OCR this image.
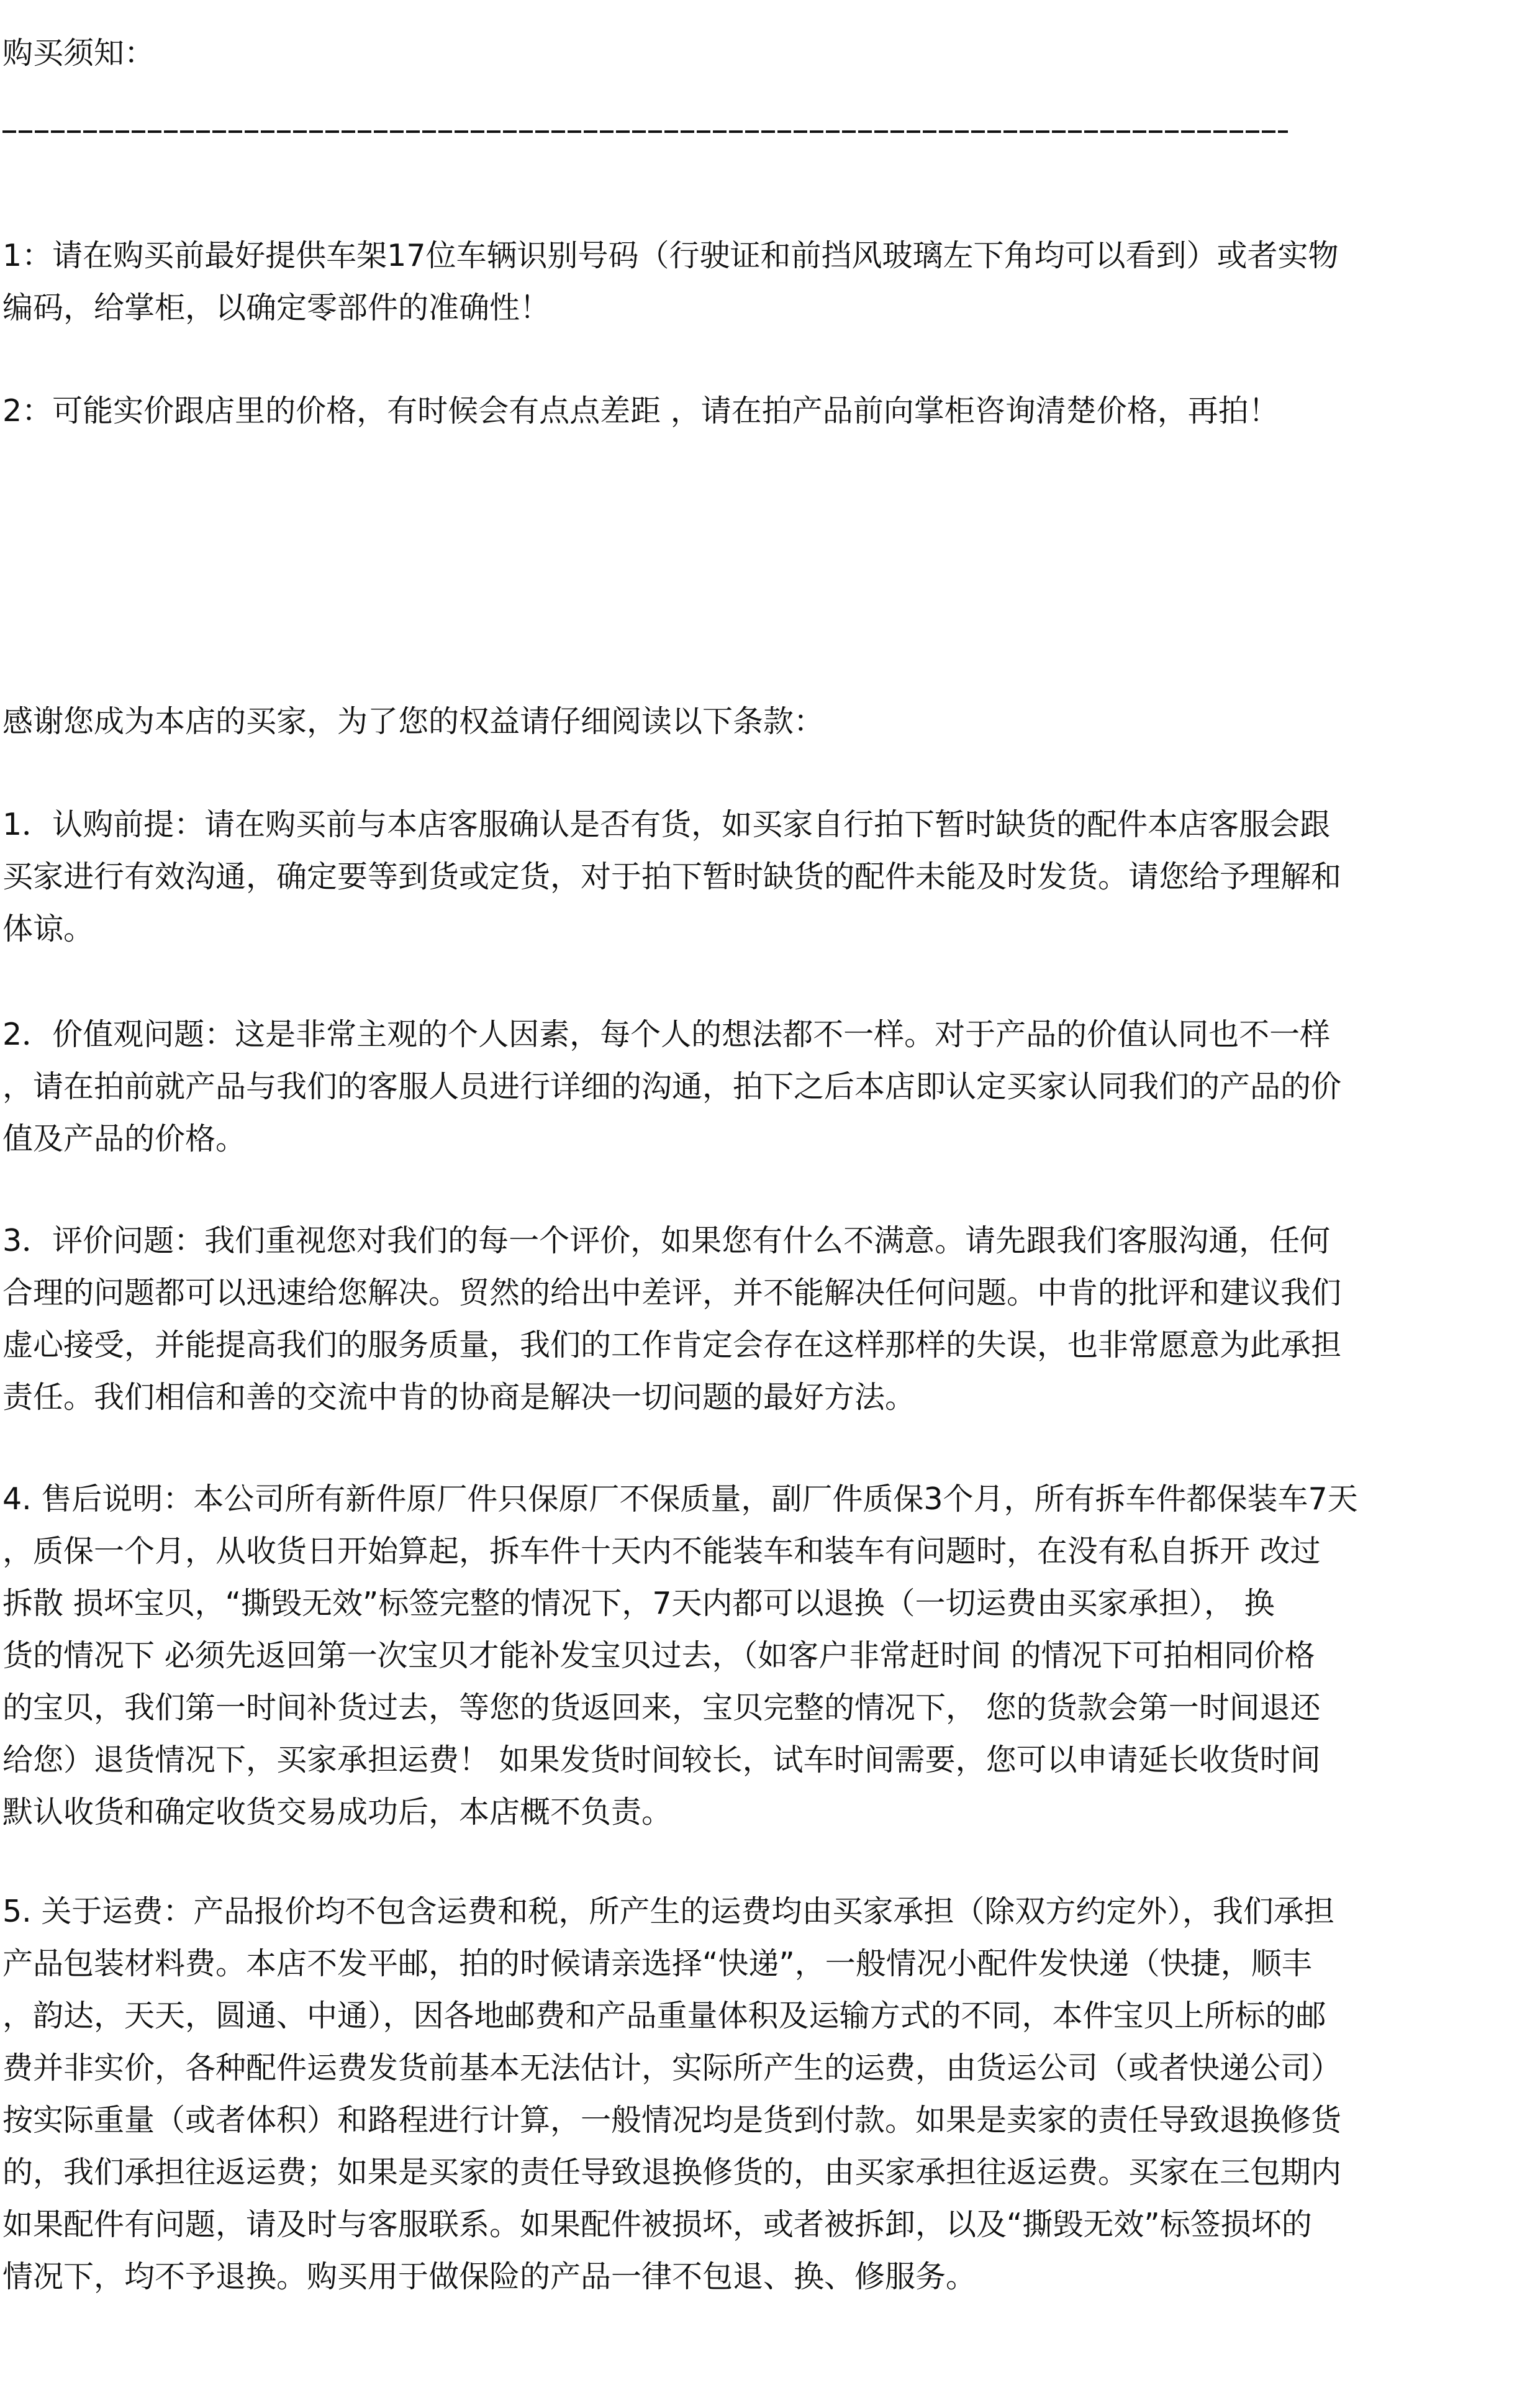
购买须知：
1：请在购买前最好提供车架17位车辆识别号码（行驶证和前挡风玻璃左下角均可以看到）或者实物
编码，给掌柜，以确定零部件的准确性！
2：可能实价跟店里的价格，有时候会有点点差距 ，请在拍产品前向掌柜咨询清楚价格，再拍！
感谢您成为本店的买家，为了您的权益请仔细阅读以下条款：
1．认购前提：请在购买前与本店客服确认是否有货，如买家自行拍下暂时缺货的配件本店客服会跟
买家进行有效沟通，确定要等到货或定货，对于拍下暂时缺货的配件未能及时发货。请您给予理解和
体谅。
2．价值观问题：这是非常主观的个人因素，每个人的想法都不一样。对于产品的价值认同也不一样
，请在拍前就产品与我们的客服人员进行详细的沟通，拍下之后本店即认定买家认同我们的产品的价
值及产品的价格。
3．评价问题：我们重视您对我们的每一个评价，如果您有什么不满意。请先跟我们客服沟通，任何
合理的问题都可以迅速给您解决。贸然的给出中差评，并不能解决任何问题。中肯的批评和建议我们
虚心接受，并能提高我们的服务质量，我们的工作肯定会存在这样那样的失误，也非常愿意为此承担
责任。我们相信和善的交流中肯的协商是解决一切问题的最好方法。
4. 售后说明：本公司所有新件原厂件只保原厂不保质量，副厂件质保3个月，所有拆车件都保装车7天
，质保一个月，从收货日开始算起，拆车件十天内不能装车和装车有问题时，在没有私自拆开 改过
拆散 损坏宝贝，“撕毁无效”标签完整的情况下，7天内都可以退换（一切运费由买家承担）， 换
货的情况下 必须先返回第一次宝贝才能补发宝贝过去，（如客户非常赶时间 的情况下可拍相同价格
的宝贝，我们第一时间补货过去，等您的货返回来，宝贝完整的情况下， 您的货款会第一时间退还
给您）退货情况下，买家承担运费！ 如果发货时间较长，试车时间需要，您可以申请延长收货时间
默认收货和确定收货交易成功后，本店概不负责。
5. 关于运费：产品报价均不包含运费和税，所产生的运费均由买家承担（除双方约定外），我们承担
产品包装材料费。本店不发平邮，拍的时候请亲选择“快递”，一般情况小配件发快递（快捷，顺丰
，韵达，天天，圆通、中通），因各地邮费和产品重量体积及运输方式的不同，本件宝贝上所标的邮
费并非实价，各种配件运费发货前基本无法估计，实际所产生的运费，由货运公司（或者快递公司）
按实际重量（或者体积）和路程进行计算，一般情况均是货到付款。如果是卖家的责任导致退换修货
的，我们承担往返运费；如果是买家的责任导致退换修货的，由买家承担往返运费。买家在三包期内
如果配件有问题，请及时与客服联系。如果配件被损坏，或者被拆卸，以及“撕毁无效”标签损坏的
情况下，均不予退换。购买用于做保险的产品一律不包退、换、修服务。
